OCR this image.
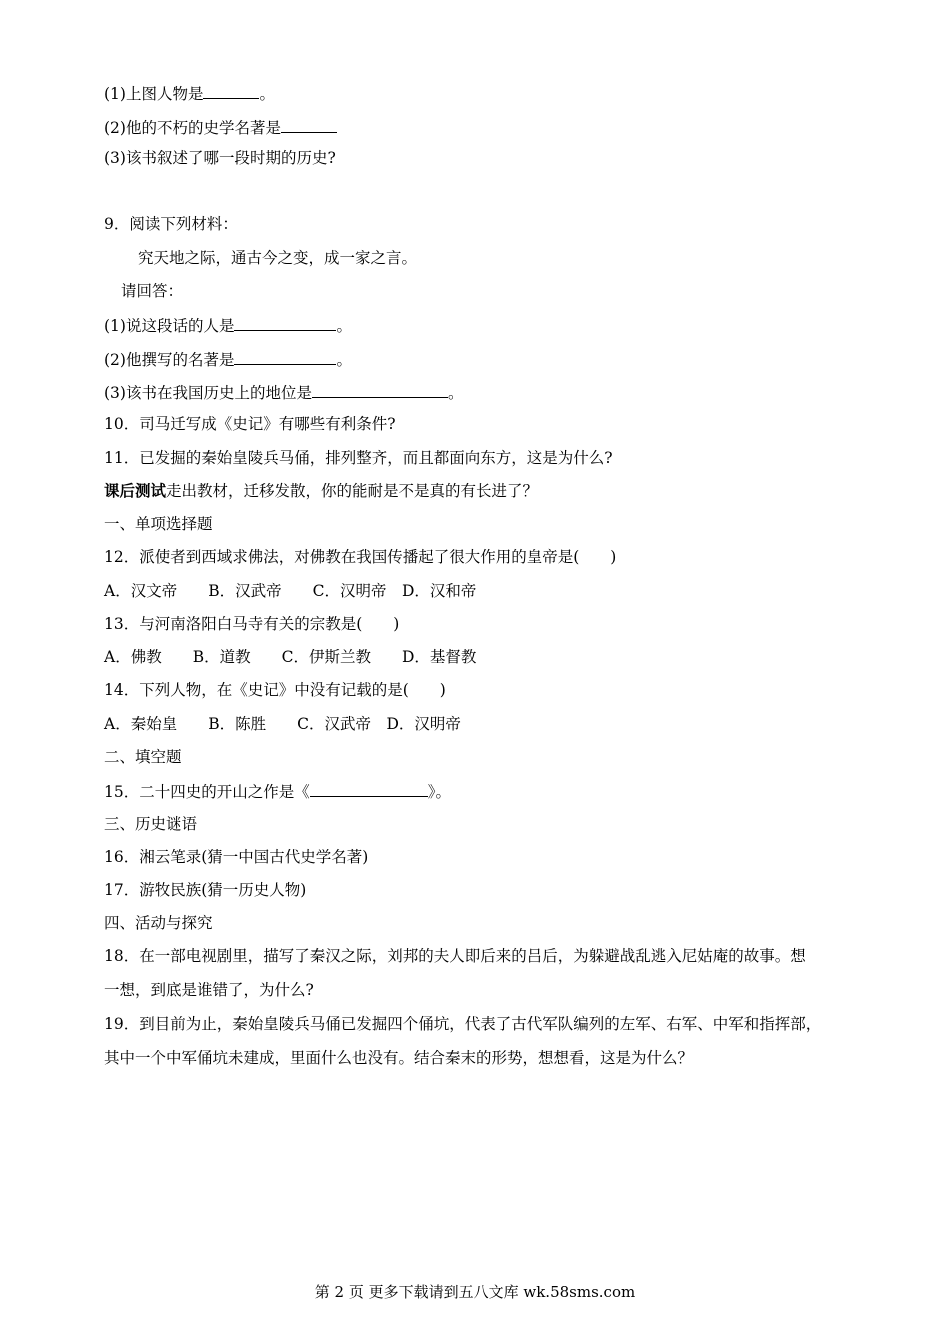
(1)上图人物是	。
(2)他的不朽的史学名著是
(3)该书叙述了哪一段时期的历史?
9．阅读下列材料：
究天地之际，通古今之变，成一家之言。
请回答：
(1)说这段话的人是	。
(2)他撰写的名著是	。
(3)该书在我国历史上的地位是	。
10．司马迁写成《史记》有哪些有利条件?
11．已发掘的秦始皇陵兵马俑，排列整齐，而且都面向东方，这是为什么?
课后测试走出教材，迁移发散，你的能耐是不是真的有长进了？
一、单项选择题
12．派使者到西域求佛法，对佛教在我国传播起了很大作用的皇帝是(　　)
A．汉文帝　　B．汉武帝　　C．汉明帝　D．汉和帝
13．与河南洛阳白马寺有关的宗教是(　　)
A．佛教　　B．道教　　C．伊斯兰教　　D．基督教
14．下列人物，在《史记》中没有记载的是(　　)
A．秦始皇　　B．陈胜　　C．汉武帝　D．汉明帝
二、填空题
15．二十四史的开山之作是《	》。
三、历史谜语
16．湘云笔录(猜一中国古代史学名著)
17．游牧民族(猜一历史人物)
四、活动与探究
18．在一部电视剧里，描写了秦汉之际，刘邦的夫人即后来的吕后，为躲避战乱逃入尼姑庵的故事。想
一想，到底是谁错了，为什么?
19．到目前为止，秦始皇陵兵马俑已发掘四个俑坑，代表了古代军队编列的左军、右军、中军和指挥部，
其中一个中军俑坑未建成，里面什么也没有。结合秦末的形势，想想看，这是为什么？
第 2 页 更多下载请到五八文库 wk.58sms.com
